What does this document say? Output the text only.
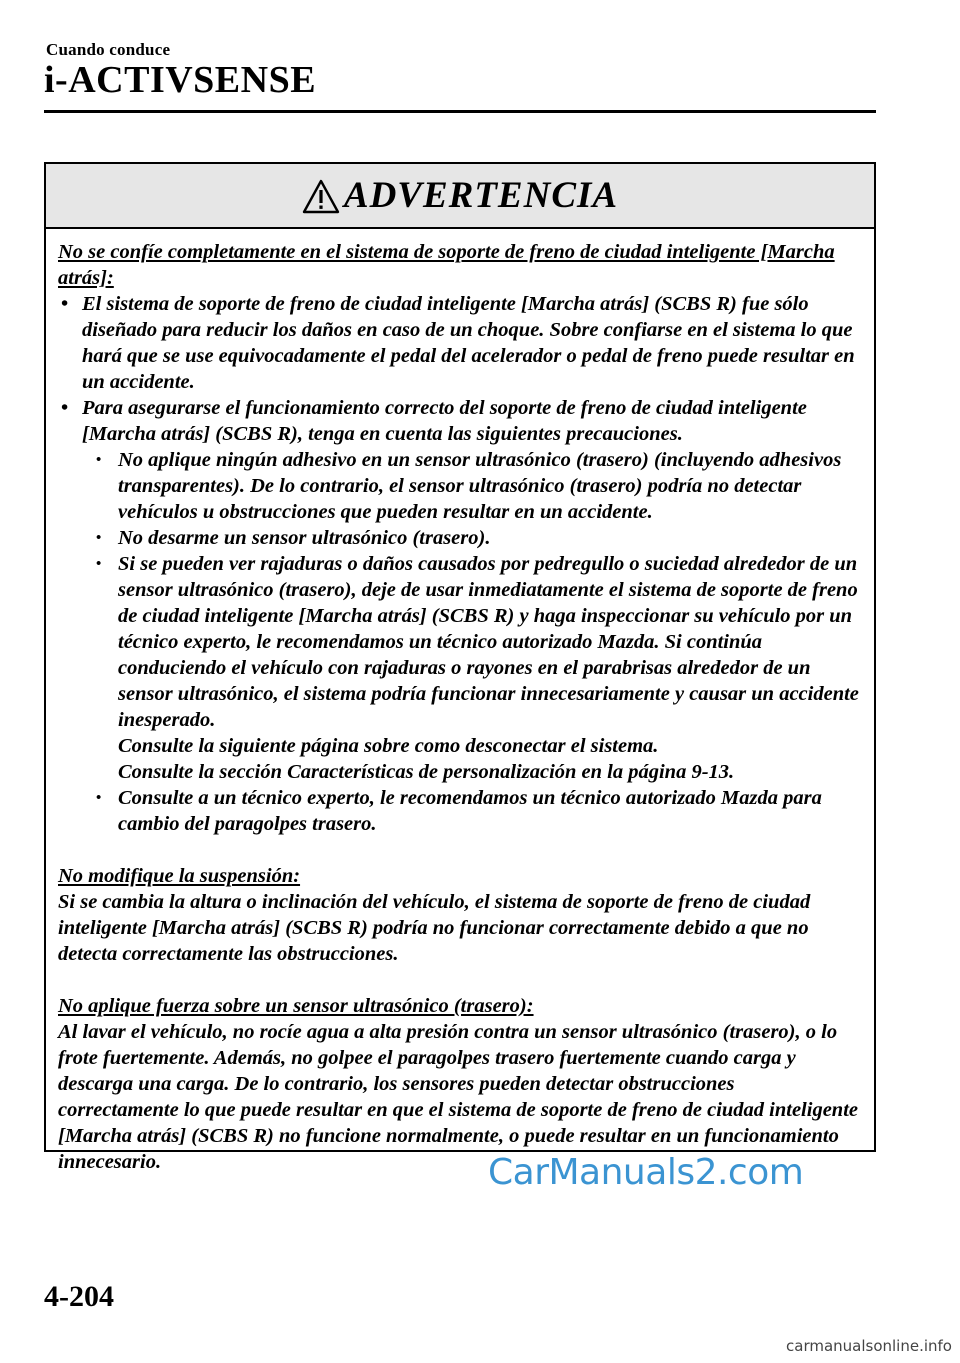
Cuando conduce
i-ACTIVSENSE
ADVERTENCIA
No se confíe completamente en el sistema de soporte de freno de ciudad inteligente [Marcha atrás]:
• El sistema de soporte de freno de ciudad inteligente [Marcha atrás] (SCBS R) fue sólo diseñado para reducir los daños en caso de un choque. Sobre confiarse en el sistema lo que hará que se use equivocadamente el pedal del acelerador o pedal de freno puede resultar en un accidente.
• Para asegurarse el funcionamiento correcto del soporte de freno de ciudad inteligente [Marcha atrás] (SCBS R), tenga en cuenta las siguientes precauciones.
• No aplique ningún adhesivo en un sensor ultrasónico (trasero) (incluyendo adhesivos transparentes). De lo contrario, el sensor ultrasónico (trasero) podría no detectar vehículos u obstrucciones que pueden resultar en un accidente.
• No desarme un sensor ultrasónico (trasero).
• Si se pueden ver rajaduras o daños causados por pedregullo o suciedad alrededor de un sensor ultrasónico (trasero), deje de usar inmediatamente el sistema de soporte de freno de ciudad inteligente [Marcha atrás] (SCBS R) y haga inspeccionar su vehículo por un técnico experto, le recomendamos un técnico autorizado Mazda. Si continúa conduciendo el vehículo con rajaduras o rayones en el parabrisas alrededor de un sensor ultrasónico, el sistema podría funcionar innecesariamente y causar un accidente inesperado.
Consulte la siguiente página sobre como desconectar el sistema.
Consulte la sección Características de personalización en la página 9-13.
• Consulte a un técnico experto, le recomendamos un técnico autorizado Mazda para cambio del paragolpes trasero.
No modifique la suspensión:
Si se cambia la altura o inclinación del vehículo, el sistema de soporte de freno de ciudad inteligente [Marcha atrás] (SCBS R) podría no funcionar correctamente debido a que no detecta correctamente las obstrucciones.
No aplique fuerza sobre un sensor ultrasónico (trasero):
Al lavar el vehículo, no rocíe agua a alta presión contra un sensor ultrasónico (trasero), o lo frote fuertemente. Además, no golpee el paragolpes trasero fuertemente cuando carga y descarga una carga. De lo contrario, los sensores pueden detectar obstrucciones correctamente lo que puede resultar en que el sistema de soporte de freno de ciudad inteligente [Marcha atrás] (SCBS R) no funcione normalmente, o puede resultar en un funcionamiento innecesario.	CarManuals2.com
4-204
carmanualsonline.info
